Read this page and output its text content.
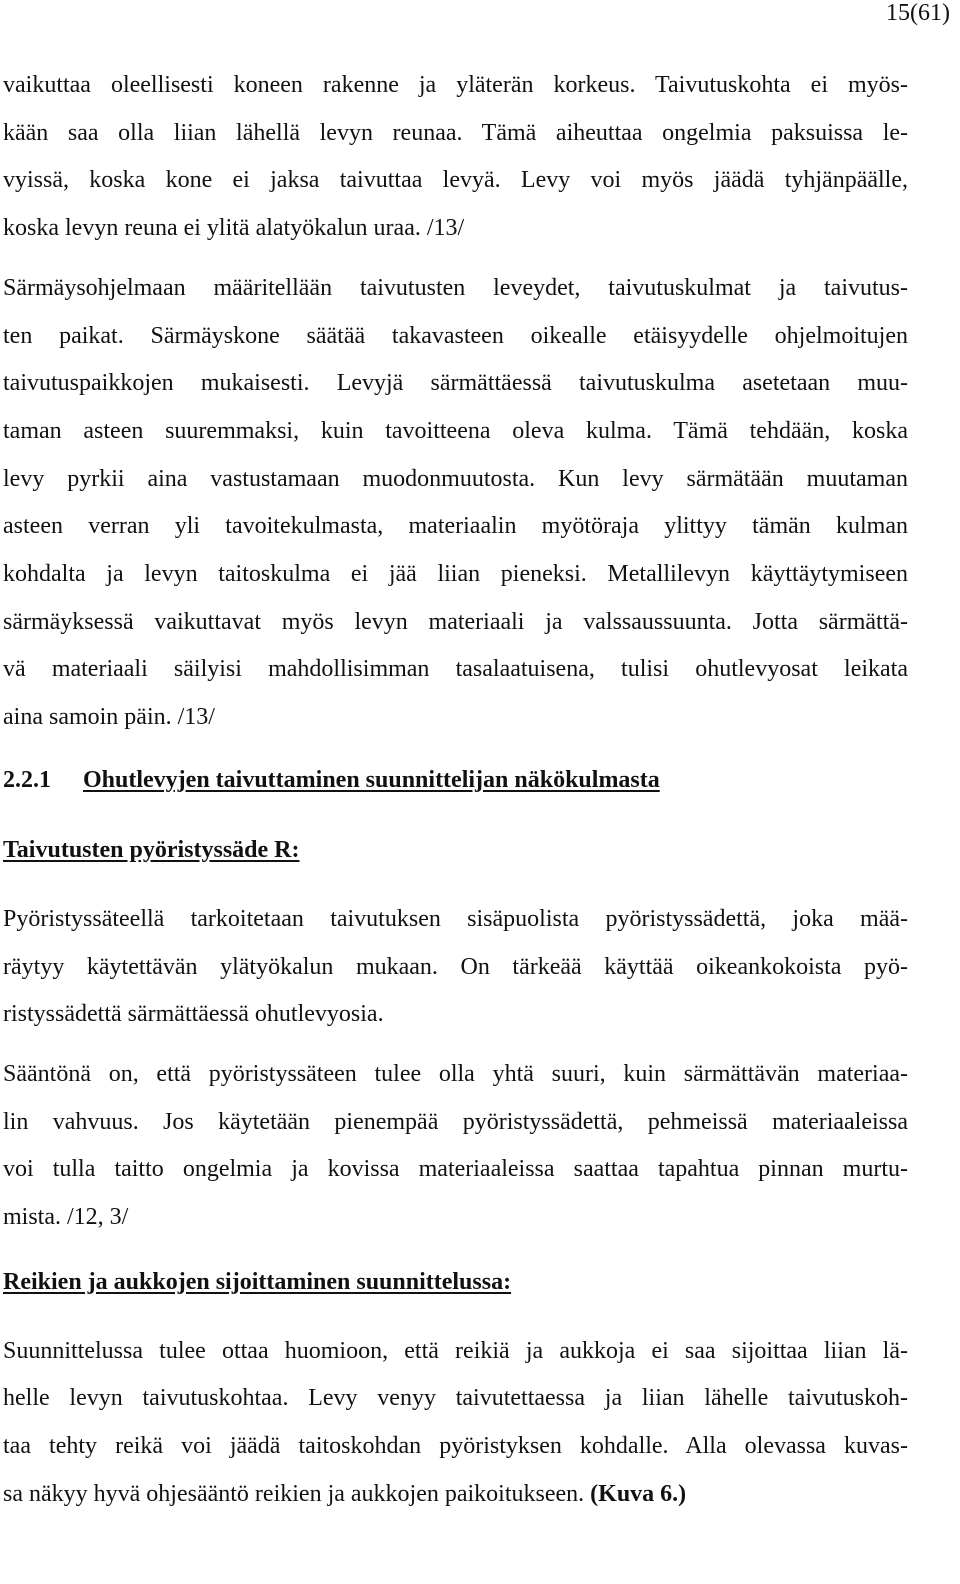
15(61)

vaikuttaa oleellisesti koneen rakenne ja yläterän korkeus. Taivutuskohta ei myös-
kään saa olla liian lähellä levyn reunaa. Tämä aiheuttaa ongelmia paksuissa le-
vyissä, koska kone ei jaksa taivuttaa levyä. Levy voi myös jäädä tyhjänpäälle,
koska levyn reuna ei ylitä alatyökalun uraa. /13/

Särmäysohjelmaan määritellään taivutusten leveydet, taivutuskulmat ja taivutus-
ten paikat. Särmäyskone säätää takavasteen oikealle etäisyydelle ohjelmoitujen
taivutuspaikkojen mukaisesti. Levyjä särmättäessä taivutuskulma asetetaan muu-
taman asteen suuremmaksi, kuin tavoitteena oleva kulma. Tämä tehdään, koska
levy pyrkii aina vastustamaan muodonmuutosta. Kun levy särmätään muutaman
asteen verran yli tavoitekulmasta, materiaalin myötöraja ylittyy tämän kulman
kohdalta ja levyn taitoskulma ei jää liian pieneksi. Metallilevyn käyttäytymiseen
särmäyksessä vaikuttavat myös levyn materiaali ja valssaussuunta. Jotta särmättä-
vä materiaali säilyisi mahdollisimman tasalaatuisena, tulisi ohutlevyosat leikata
aina samoin päin. /13/

2.2.1 Ohutlevyjen taivuttaminen suunnittelijan näkökulmasta
Taivutusten pyöristyssäde R:

Pyöristyssäteellä tarkoitetaan taivutuksen sisäpuolista pyöristyssädettä, joka mää-
räytyy käytettävän ylätyökalun mukaan. On tärkeää käyttää oikeankokoista pyö-
ristyssädettä särmättäessä ohutlevyosia.

Sääntönä on, että pyöristyssäteen tulee olla yhtä suuri, kuin särmättävän materiaa-
lin vahvuus. Jos käytetään pienempää pyöristyssädettä, pehmeissä materiaaleissa
voi tulla taitto ongelmia ja kovissa materiaaleissa saattaa tapahtua pinnan murtu-
mista. /12, 3/

Reikien ja aukkojen sijoittaminen suunnittelussa:

Suunnittelussa tulee ottaa huomioon, että reikiä ja aukkoja ei saa sijoittaa liian lä-
helle levyn taivutuskohtaa. Levy venyy taivutettaessa ja liian lähelle taivutuskoh-
taa tehty reikä voi jäädä taitoskohdan pyöristyksen kohdalle. Alla olevassa kuvas-
sa näkyy hyvä ohjesääntö reikien ja aukkojen paikoitukseen. (Kuva 6.)
